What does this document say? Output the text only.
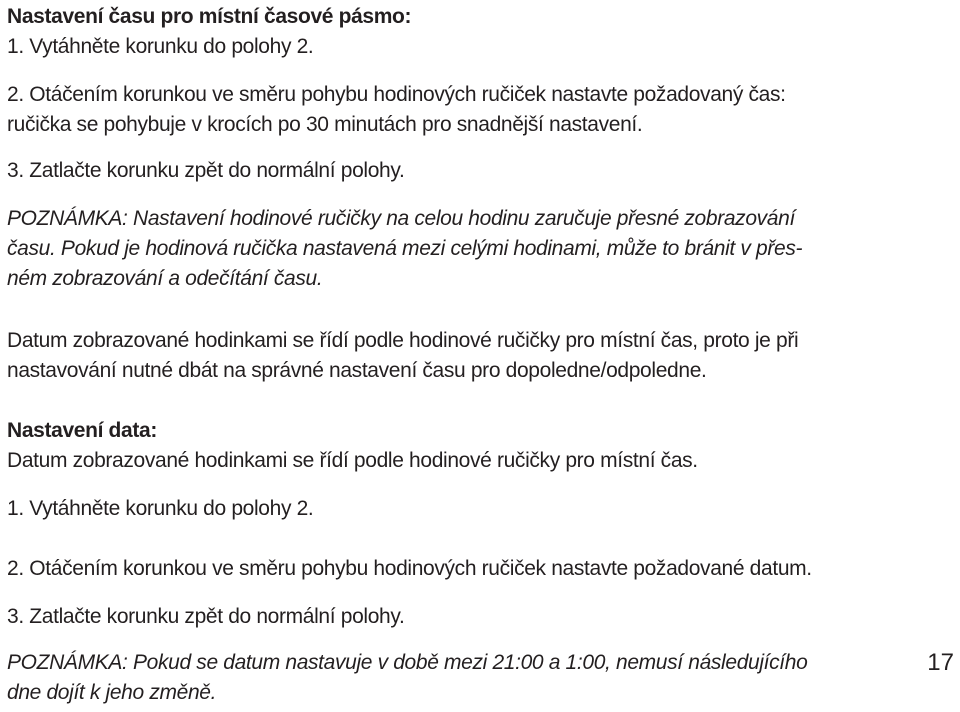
Nastavení času pro místní časové pásmo:

1. Vytáhněte korunku do polohy 2.

2. Otáčením korunkou ve směru pohybu hodinových ručiček nastavte požadovaný čas:
ručička se pohybuje v krocích po 30 minutách pro snadnější nastavení.

3. Zatlačte korunku zpět do normální polohy.

POZNÁMKA: Nastavení hodinové ručičky na celou hodinu zaručuje přesné zobrazování
času. Pokud je hodinová ručička nastavená mezi celými hodinami, může to bránit v přes-
ném zobrazování a odečítání času.

Datum zobrazované hodinkami se řídí podle hodinové ručičky pro místní čas, proto je při
nastavování nutné dbát na správné nastavení času pro dopoledne/odpoledne.

Nastavení data:

Datum zobrazované hodinkami se řídí podle hodinové ručičky pro místní čas.

1. Vytáhněte korunku do polohy 2.

2. Otáčením korunkou ve směru pohybu hodinových ručiček nastavte požadované datum.

3. Zatlačte korunku zpět do normální polohy.

POZNÁMKA: Pokud se datum nastavuje v době mezi 21:00 a 1:00, nemusí následujícího
dne dojít k jeho změně.

17
